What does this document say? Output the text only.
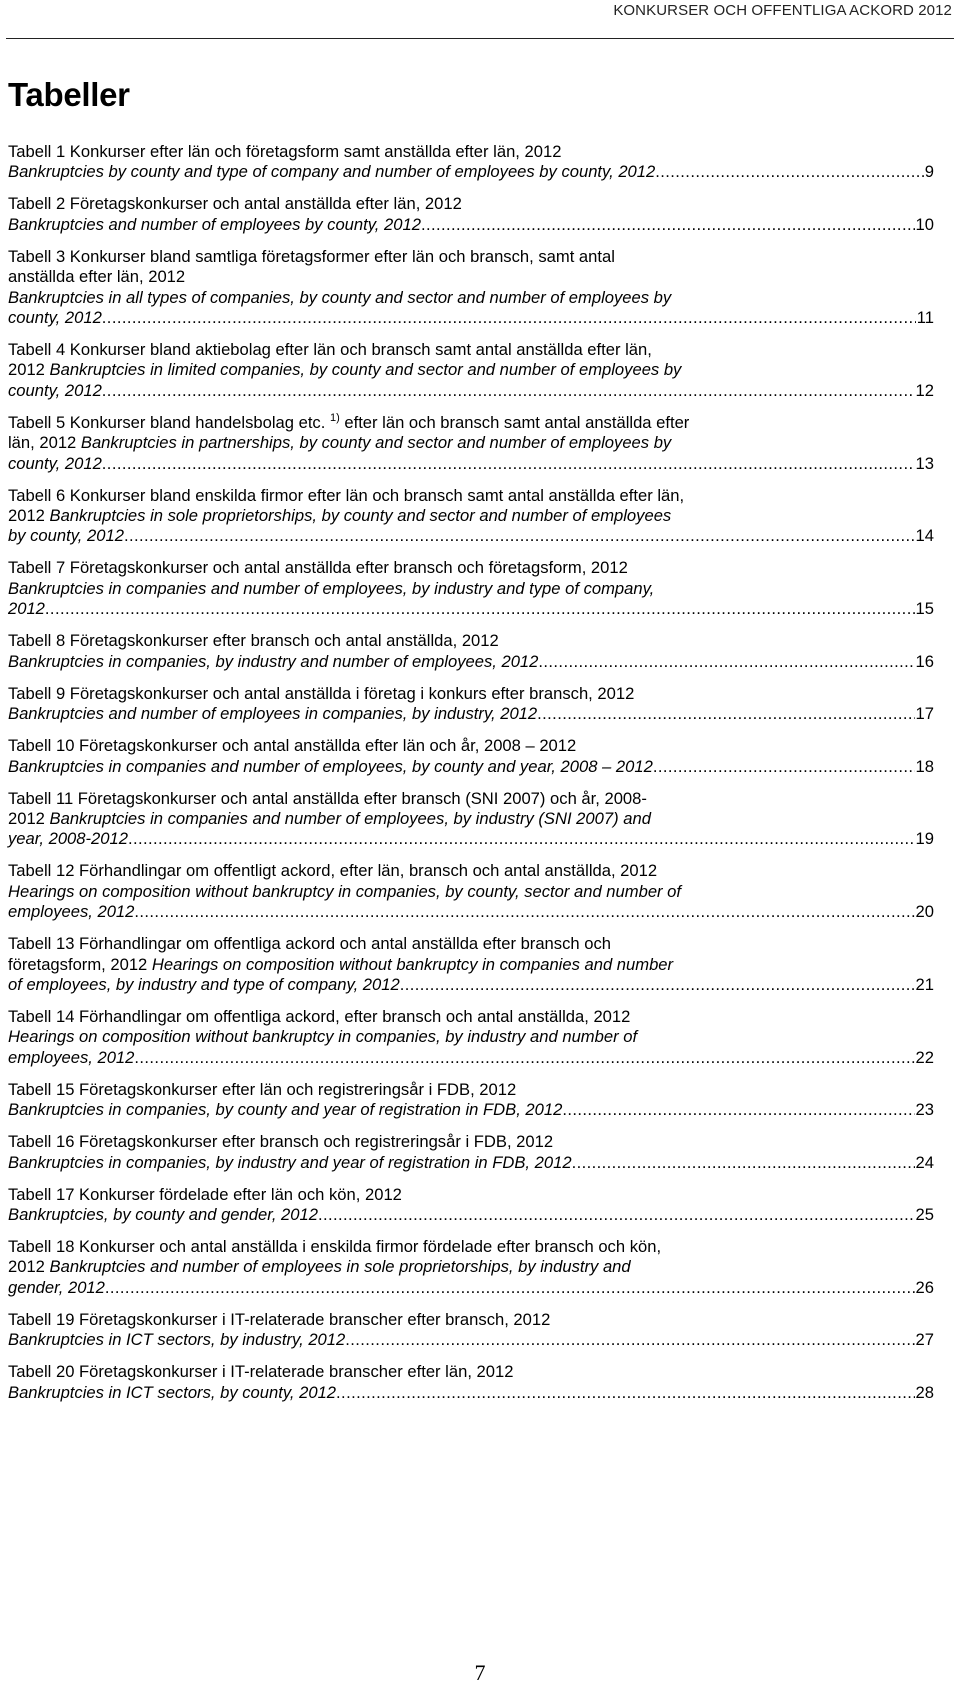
KONKURSER OCH OFFENTLIGA ACKORD 2012
Tabeller
Tabell 1 Konkurser efter län och företagsform samt anställda efter län, 2012
Bankruptcies by county and type of company and number of employees by county, 2012 .....	9
Tabell 2 Företagskonkurser och antal anställda efter län, 2012
Bankruptcies and number of employees by county, 2012 .....	10
Tabell 3 Konkurser bland samtliga företagsformer efter län och bransch, samt antal
anställda efter län, 2012
Bankruptcies in all types of companies, by county and sector and number of employees by
county, 2012 .....	11
Tabell 4 Konkurser bland aktiebolag efter län och bransch samt antal anställda efter län,
2012 Bankruptcies in limited companies, by county and sector and number of employees by
county, 2012 .....	12
Tabell 5 Konkurser bland handelsbolag etc. $^{1)}$ efter län och bransch samt antal anställda efter
län, 2012 Bankruptcies in partnerships, by county and sector and number of employees by
county, 2012 .....	13
Tabell 6 Konkurser bland enskilda firmor efter län och bransch samt antal anställda efter län,
2012 Bankruptcies in sole proprietorships, by county and sector and number of employees
by county, 2012 .....	14
Tabell 7 Företagskonkurser och antal anställda efter bransch och företagsform, 2012
Bankruptcies in companies and number of employees, by industry and type of company,
2012 .....	15
Tabell 8 Företagskonkurser efter bransch och antal anställda, 2012
Bankruptcies in companies, by industry and number of employees, 2012 .....	16
Tabell 9 Företagskonkurser och antal anställda i företag i konkurs efter bransch, 2012
Bankruptcies and number of employees in companies, by industry, 2012 .....	17
Tabell 10 Företagskonkurser och antal anställda efter län och år, 2008 – 2012
Bankruptcies in companies and number of employees, by county and year, 2008 – 2012 .....	18
Tabell 11 Företagskonkurser och antal anställda efter bransch (SNI 2007) och år, 2008-
2012 Bankruptcies in companies and number of employees, by industry (SNI 2007) and
year, 2008-2012 .....	19
Tabell 12 Förhandlingar om offentligt ackord, efter län, bransch och antal anställda, 2012
Hearings on composition without bankruptcy in companies, by county, sector and number of
employees, 2012 .....	20
Tabell 13 Förhandlingar om offentliga ackord och antal anställda efter bransch och
företagsform, 2012 Hearings on composition without bankruptcy in companies and number
of employees, by industry and type of company, 2012 .....	21
Tabell 14 Förhandlingar om offentliga ackord, efter bransch och antal anställda, 2012
Hearings on composition without bankruptcy in companies, by industry and number of
employees, 2012 .....	22
Tabell 15 Företagskonkurser efter län och registreringsår i FDB, 2012
Bankruptcies in companies, by county and year of registration in FDB, 2012 .....	23
Tabell 16 Företagskonkurser efter bransch och registreringsår i FDB, 2012
Bankruptcies in companies, by industry and year of registration in FDB, 2012 .....	24
Tabell 17 Konkurser fördelade efter län och kön, 2012
Bankruptcies, by county and gender, 2012 .....	25
Tabell 18 Konkurser och antal anställda i enskilda firmor fördelade efter bransch och kön,
2012 Bankruptcies and number of employees in sole proprietorships, by industry and
gender, 2012 .....	26
Tabell 19 Företagskonkurser i IT-relaterade branscher efter bransch, 2012
Bankruptcies in ICT sectors, by industry, 2012 .....	27
Tabell 20 Företagskonkurser i IT-relaterade branscher efter län, 2012
Bankruptcies in ICT sectors, by county, 2012 .....	28
7
